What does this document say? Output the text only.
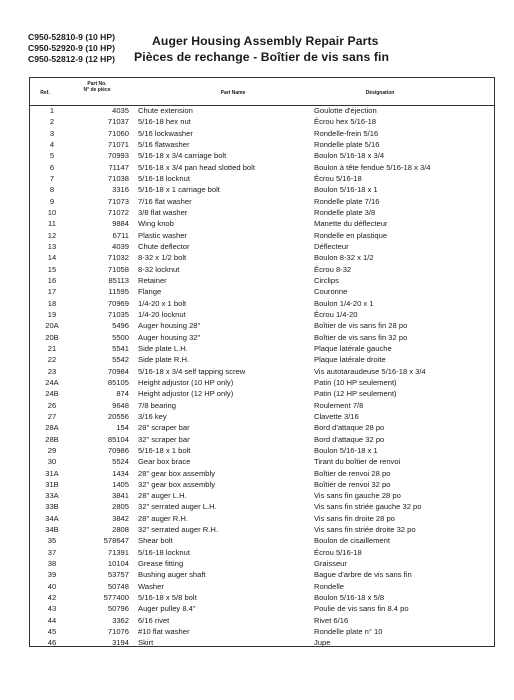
C950-52810-9 (10 HP)
C950-52920-9 (10 HP)
C950-52812-9 (12 HP)
Auger Housing Assembly Repair Parts
Pièces de rechange - Boîtier de vis sans fin
Ref.
Part No.
N° de pièce	Part Name	Désignation
1	4035 Chute extension	Goulotte d'éjection
2	71037 5/16-18 hex nut	Écrou hex 5/16-18
3	71060 5/16 lockwasher	Rondelle-frein 5/16
4	71071 5/16 flatwasher	Rondelle plate 5/16
5	70993 5/16-18 x 3/4 carriage bolt	Boulon 5/16-18 x 3/4
6	71147 5/16-18 x 3/4 pan head slotted bolt	Boulon à tête fendue 5/16-18 x 3/4
7	71038 5/16-18 locknut	Écrou 5/16-18
8	3316 5/16-18 x 1 carriage bolt	Boulon 5/16-18 x 1
9	71073 7/16 flat washer	Rondelle plate 7/16
10	71072 3/8 flat washer	Rondelle plate 3/8
11	9884 Wing knob	Manette du déflecteur
12	6711 Plastic washer	Rondelle en plastique
13	4039 Chute deflector	Déflecteur
14	71032 8-32 x 1/2 bolt	Boulon 8-32 x 1/2
15	71058 8-32 locknut	Écrou 8-32
16	85113 Retainer	Circlips
17	11595 Flange	Couronne
18	70969 1/4-20 x 1 bolt	Boulon 1/4-20 x 1
19	71035 1/4-20 locknut	Écrou 1/4-20
20A	5496 Auger housing 28"	Boîtier de vis sans fin 28 po
20B	5500 Auger housing 32"	Boîtier de vis sans fin 32 po
21	5541 Side plate L.H.	Plaque latérale gauche
22	5542 Side plate R.H.	Plaque latérale droite
23	70984 5/16-18 x 3/4 self tapping screw	Vis autotaraudeuse 5/16-18 x 3/4
24A	85105 Height adjustor (10 HP only)	Patin (10 HP seulement)
24B	874 Height adjustor (12 HP only)	Patin (12 HP seulement)
26	9648 7/8 bearing	Roulement 7/8
27	20556 3/16 key	Clavette 3/16
28A	154 28" scraper bar	Bord d'attaque 28 po
28B	85104 32" scraper bar	Bord d'attaque 32 po
29	70986 5/16-18 x 1 bolt	Boulon 5/16-18 x 1
30	5524 Gear box brace	Tirant du boîtier de renvoi
31A	1434 28" gear box assembly	Boîtier de renvoi 28 po
31B	1405 32" gear box assembly	Boîtier de renvoi 32 po
33A	3841 28" auger L.H.	Vis sans fin gauche 28 po
33B	2805 32" serrated auger L.H.	Vis sans fin striée gauche 32 po
34A	3842 28" auger R.H.	Vis sans fin droite 28 po
34B	2808 32" serrated auger R.H.	Vis sans fin striée droite 32 po
35	578647 Shear bolt	Boulon de cisaillement
37	71391 5/16-18 locknut	Écrou 5/16-18
38	10104 Grease fitting	Graisseur
39	53757 Bushing auger shaft	Bague d'arbre de vis sans fin
40	50748 Washer	Rondelle
42	577400 5/16-18 x 5/8 bolt	Boulon 5/16-18 x 5/8
43	50796 Auger pulley 8.4"	Poulie de vis sans fin 8.4 po
44	3362 6/16 rivet	Rivet 6/16
45	71076 #10 flat washer	Rondelle plate n° 10
46	3194 Skirt	Jupe
